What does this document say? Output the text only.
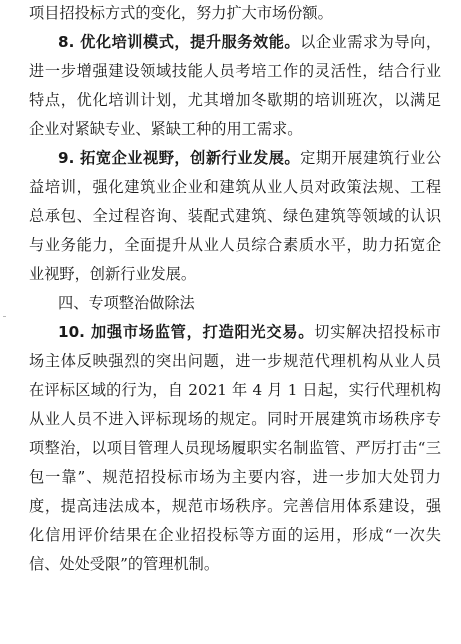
项目招投标方式的变化，努力扩大市场份额。
8. 优化培训模式，提升服务效能。以企业需求为导向，
进一步增强建设领域技能人员考培工作的灵活性，结合行业
特点，优化培训计划，尤其增加冬歇期的培训班次，以满足
企业对紧缺专业、紧缺工种的用工需求。
9. 拓宽企业视野，创新行业发展。定期开展建筑行业公
益培训，强化建筑业企业和建筑从业人员对政策法规、工程
总承包、全过程咨询、装配式建筑、绿色建筑等领域的认识
与业务能力，全面提升从业人员综合素质水平，助力拓宽企
业视野，创新行业发展。
四、专项整治做除法
10. 加强市场监管，打造阳光交易。切实解决招投标市
场主体反映强烈的突出问题，进一步规范代理机构从业人员
在评标区域的行为，自 2021 年 4 月 1 日起，实行代理机构
从业人员不进入评标现场的规定。同时开展建筑市场秩序专
项整治，以项目管理人员现场履职实名制监管、严厉打击“三
包一靠”、规范招投标市场为主要内容，进一步加大处罚力
度，提高违法成本，规范市场秩序。完善信用体系建设，强
化信用评价结果在企业招投标等方面的运用，形成“一次失
信、处处受限”的管理机制。
